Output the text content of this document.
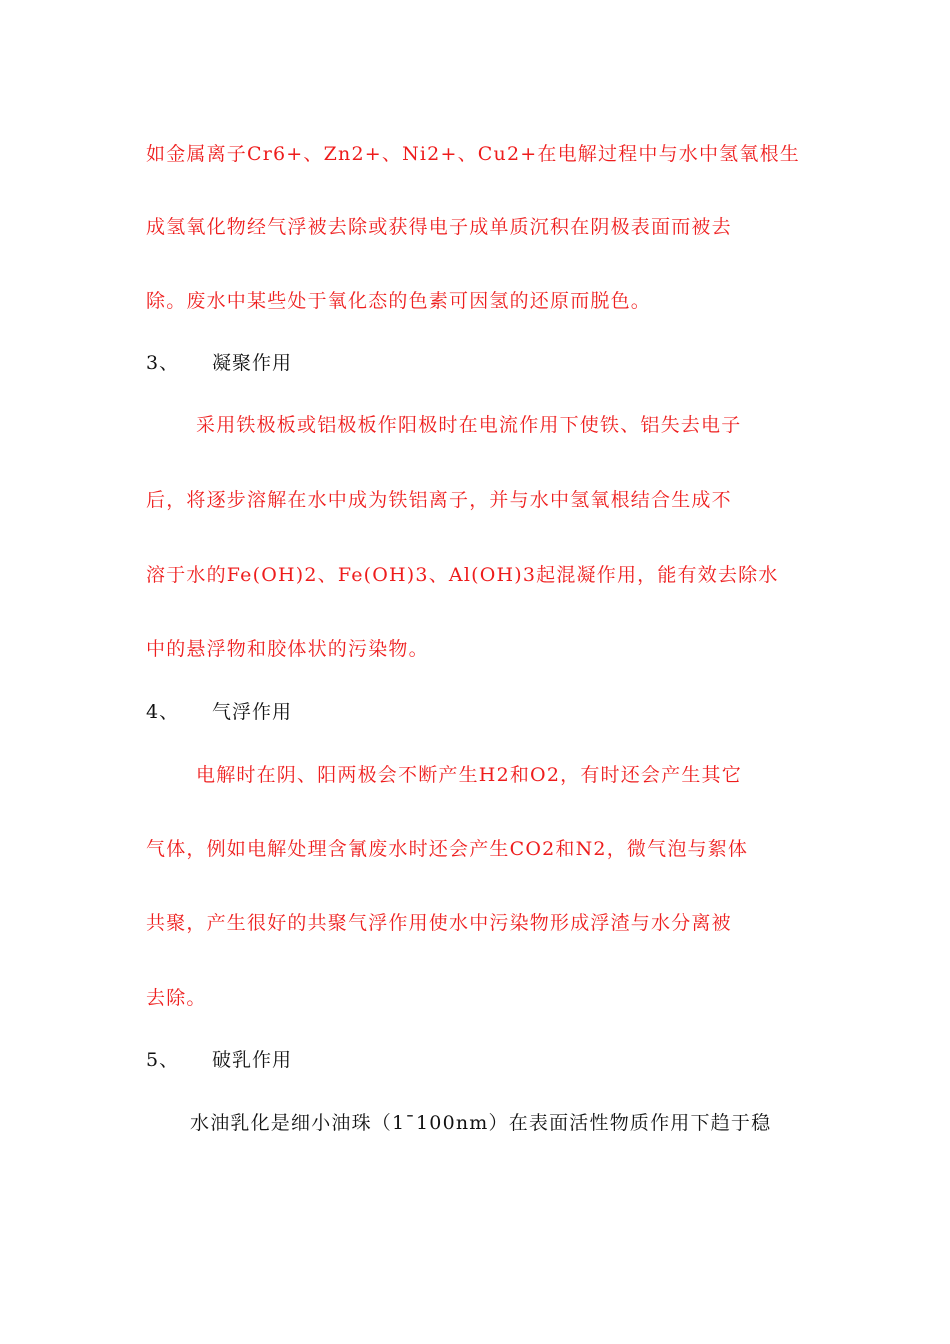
如金属离子Cr6+、Zn2+、Ni2+、Cu2+在电解过程中与水中氢氧根生
成氢氧化物经气浮被去除或获得电子成单质沉积在阴极表面而被去
除。废水中某些处于氧化态的色素可因氢的还原而脱色。
3、 凝聚作用
采用铁极板或铝极板作阳极时在电流作用下使铁、铝失去电子
后，将逐步溶解在水中成为铁铝离子，并与水中氢氧根结合生成不
溶于水的Fe(OH)2、Fe(OH)3、Al(OH)3起混凝作用，能有效去除水
中的悬浮物和胶体状的污染物。
4、 气浮作用
电解时在阴、阳两极会不断产生H2和O2，有时还会产生其它
气体，例如电解处理含氰废水时还会产生CO2和N2，微气泡与絮体
共聚，产生很好的共聚气浮作用使水中污染物形成浮渣与水分离被
去除。
5、 破乳作用
水油乳化是细小油珠（1¯100nm）在表面活性物质作用下趋于稳
